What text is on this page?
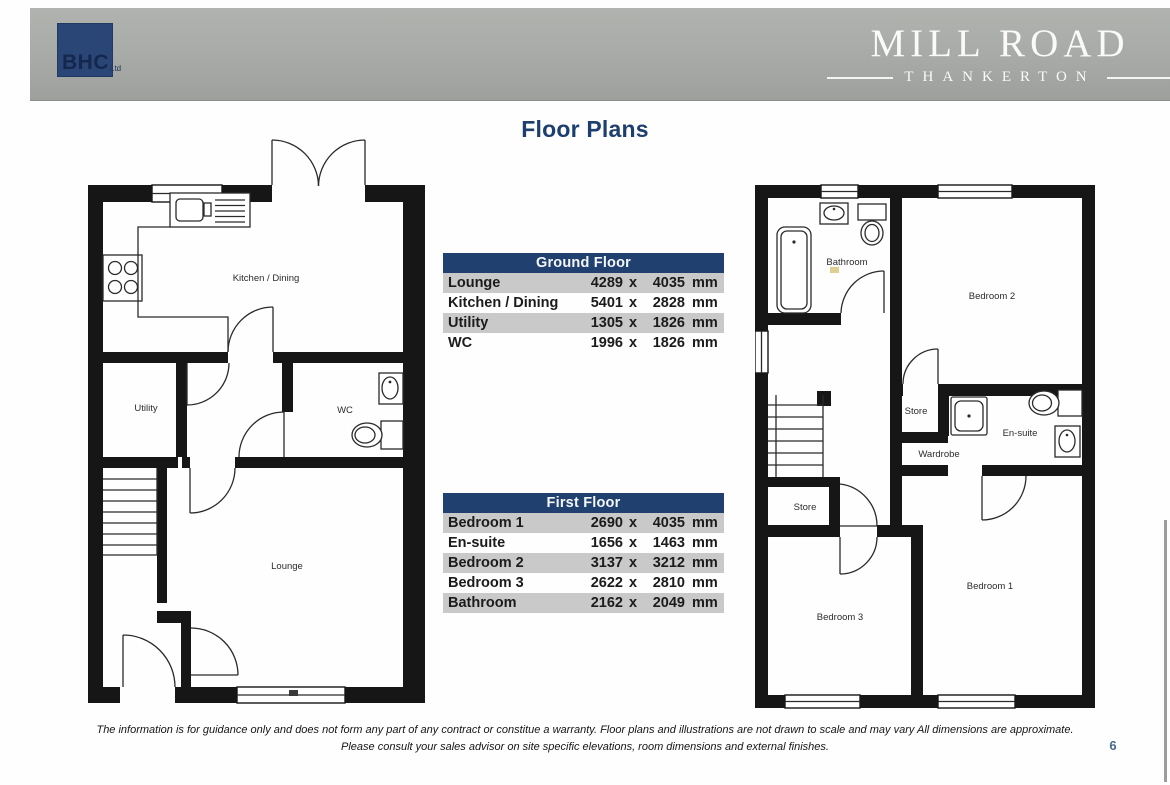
BHC Ltd
MILL ROAD
THANKERTON
Floor Plans
Kitchen / Dining
Utility	WC
Lounge
Bathroom
Bedroom 2
Store
En-suite
Wardrobe
Store
Bedroom 3
Bedroom 1
Ground Floor
Lounge	4289 x	4035 mm
Kitchen / Dining	5401 x	2828 mm
Utility	1305 x	1826 mm
WC	1996 x	1826 mm
First Floor
Bedroom 1	2690 x	4035 mm
En-suite	1656 x	1463 mm
Bedroom 2	3137 x	3212 mm
Bedroom 3	2622 x	2810 mm
Bathroom	2162 x	2049 mm
The information is for guidance only and does not form any part of any contract or constitue a warranty. Floor plans and illustrations are not drawn to scale and may vary All dimensions are approximate.
Please consult your sales advisor on site specific elevations, room dimensions and external finishes.	6
